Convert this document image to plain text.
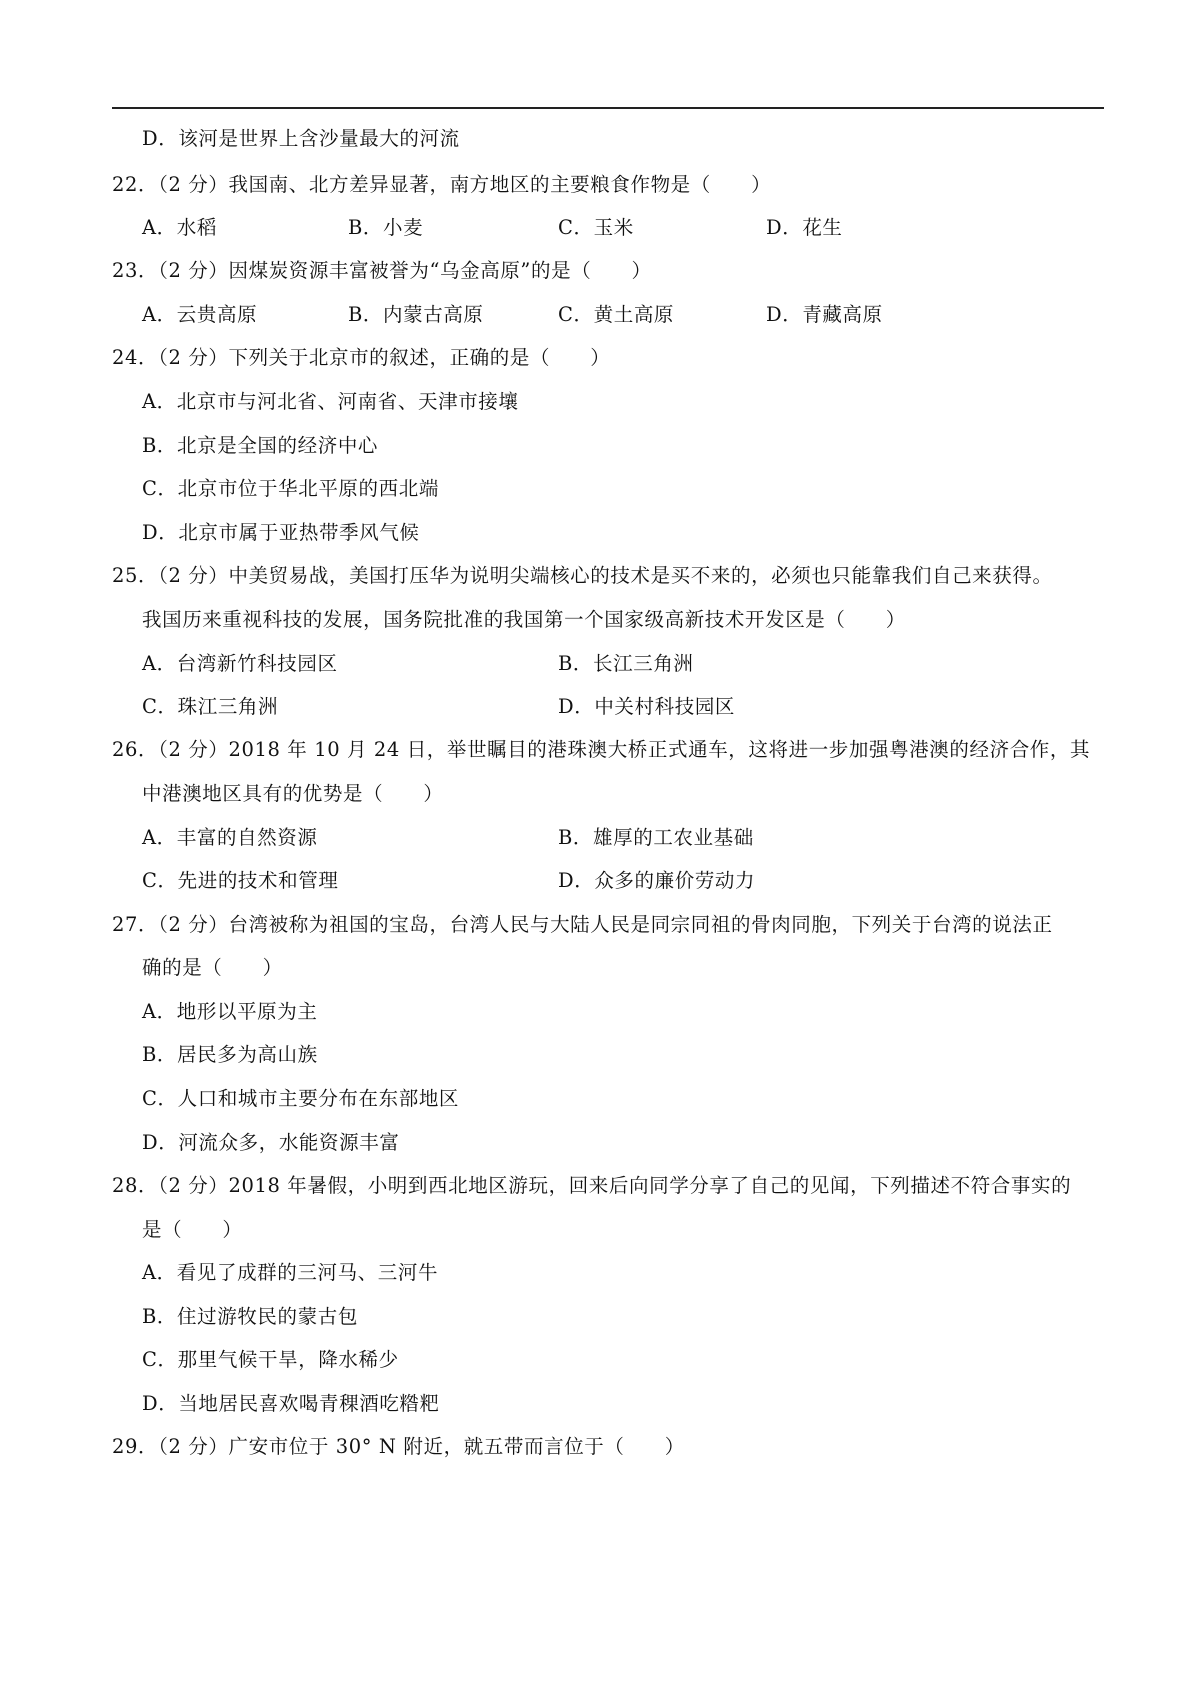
D．该河是世界上含沙量最大的河流
22．（2 分）我国南、北方差异显著，南方地区的主要粮食作物是（　　）
A．水稻	B．小麦	C．玉米	D．花生
23．（2 分）因煤炭资源丰富被誉为“乌金高原”的是（　　）
A．云贵高原	B．内蒙古高原	C．黄土高原	D．青藏高原
24．（2 分）下列关于北京市的叙述，正确的是（　　）
A．北京市与河北省、河南省、天津市接壤
B．北京是全国的经济中心
C．北京市位于华北平原的西北端
D．北京市属于亚热带季风气候
25．（2 分）中美贸易战，美国打压华为说明尖端核心的技术是买不来的，必须也只能靠我们自己来获得。
我国历来重视科技的发展，国务院批准的我国第一个国家级高新技术开发区是（　　）
A．台湾新竹科技园区	B．长江三角洲
C．珠江三角洲	D．中关村科技园区
26．（2 分）2018 年 10 月 24 日，举世瞩目的港珠澳大桥正式通车，这将进一步加强粤港澳的经济合作，其
中港澳地区具有的优势是（　　）
A．丰富的自然资源	B．雄厚的工农业基础
C．先进的技术和管理	D．众多的廉价劳动力
27．（2 分）台湾被称为祖国的宝岛，台湾人民与大陆人民是同宗同祖的骨肉同胞，下列关于台湾的说法正
确的是（　　）
A．地形以平原为主
B．居民多为高山族
C．人口和城市主要分布在东部地区
D．河流众多，水能资源丰富
28．（2 分）2018 年暑假，小明到西北地区游玩，回来后向同学分享了自己的见闻，下列描述不符合事实的
是（　　）
A．看见了成群的三河马、三河牛
B．住过游牧民的蒙古包
C．那里气候干旱，降水稀少
D．当地居民喜欢喝青稞酒吃糌粑
29．（2 分）广安市位于 30° N 附近，就五带而言位于（　　）
